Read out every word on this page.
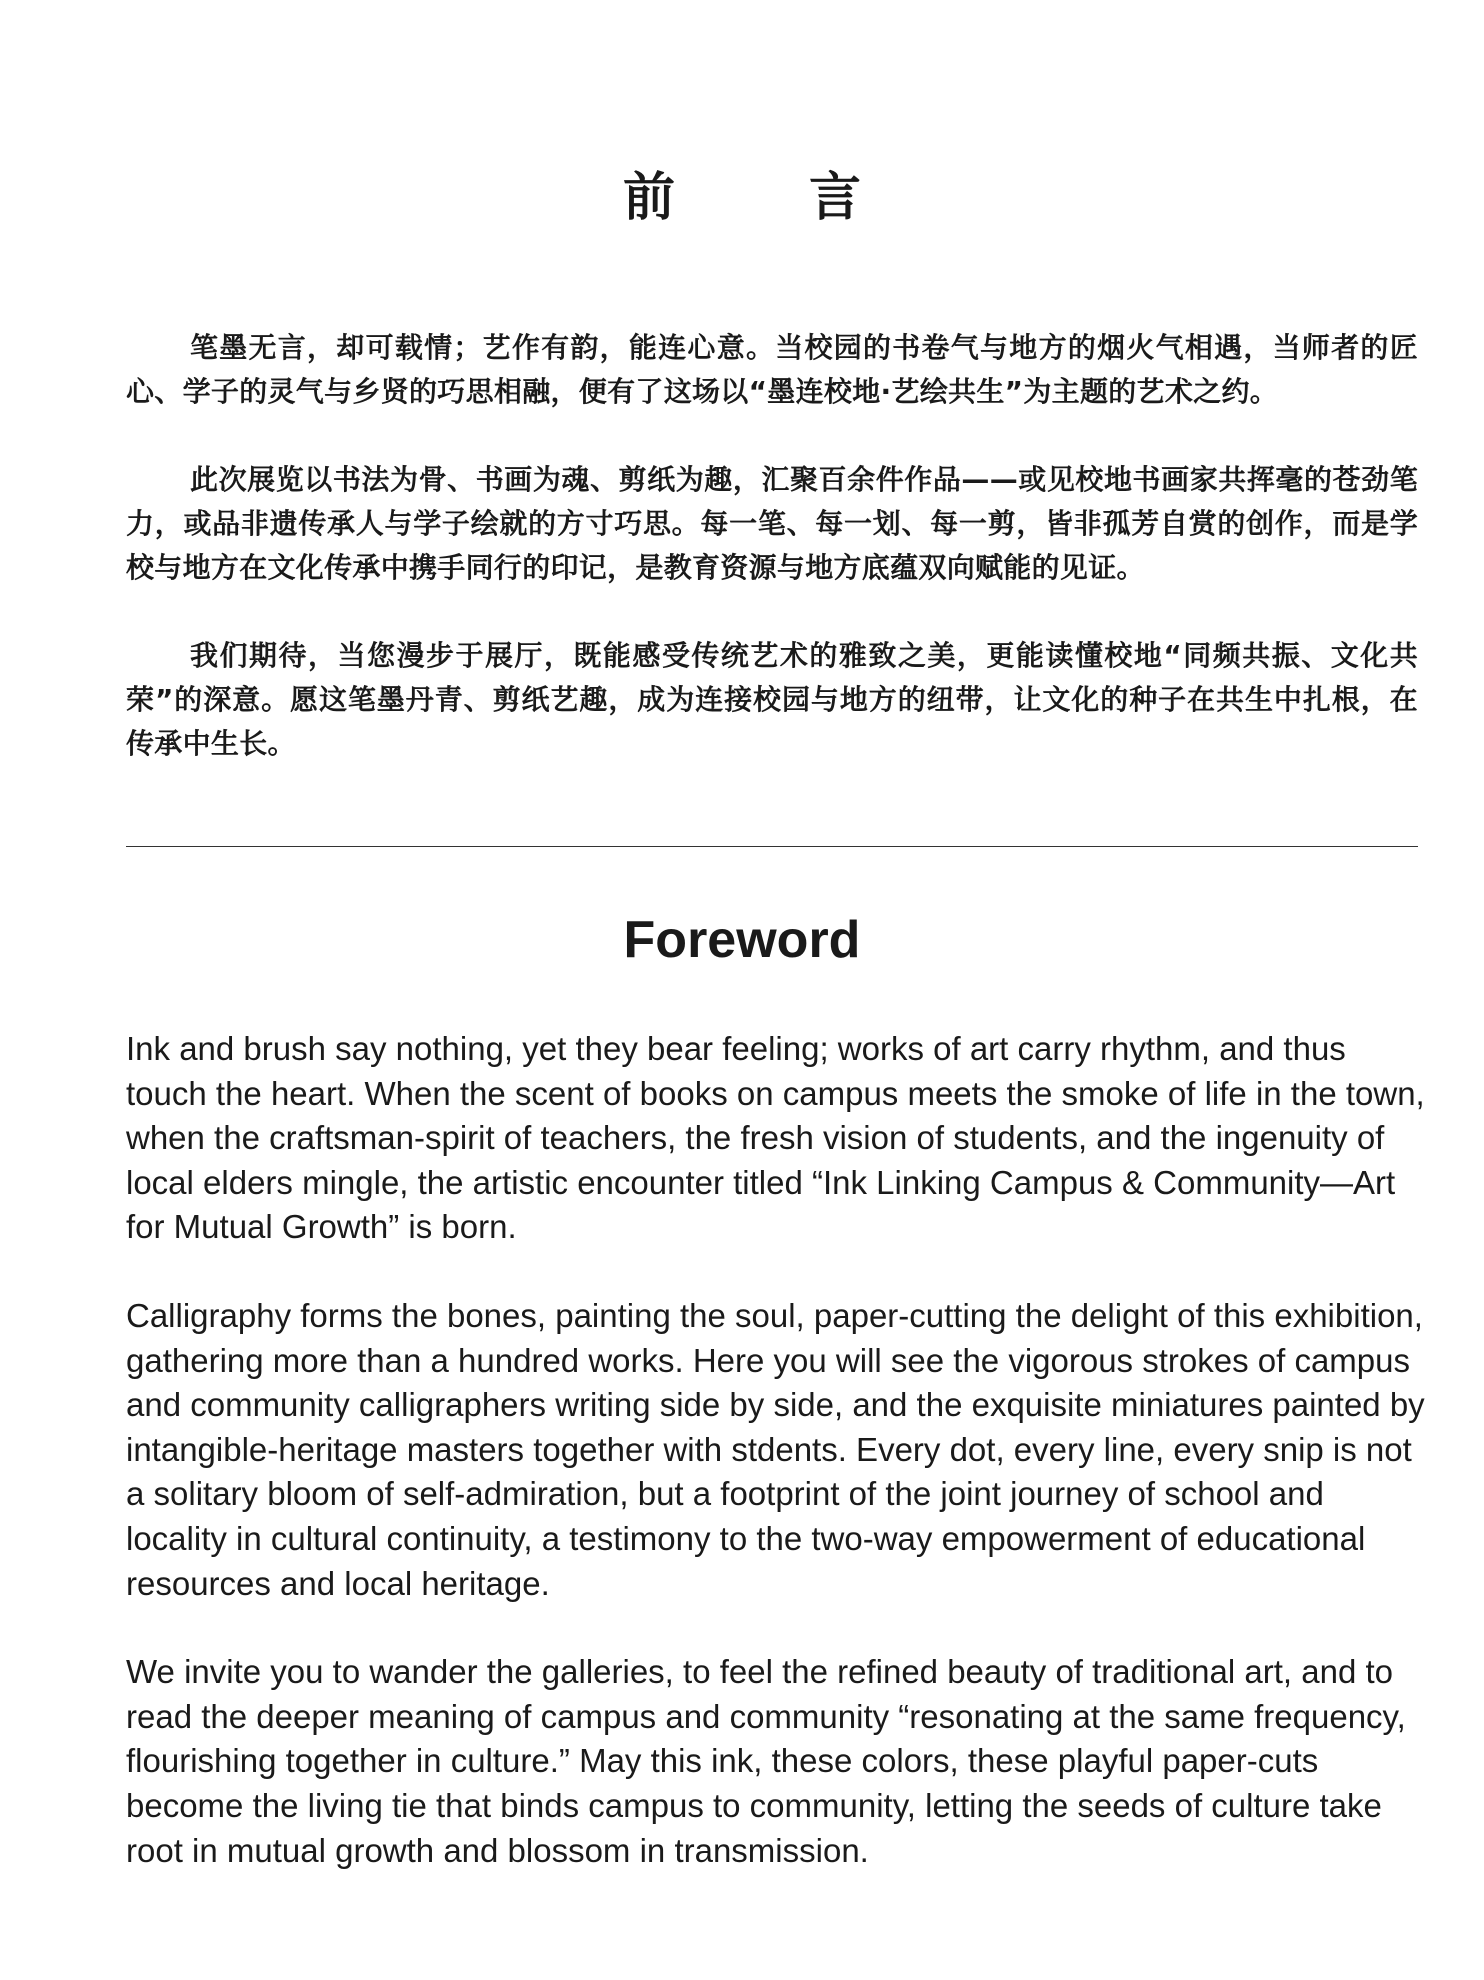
前 言

笔墨无言，却可载情；艺作有韵，能连心意。当校园的书卷气与地方的烟火气相遇，当师者的匠心、学子的灵气与乡贤的巧思相融，便有了这场以“墨连校地·艺绘共生”为主题的艺术之约。

此次展览以书法为骨、书画为魂、剪纸为趣，汇聚百余件作品——或见校地书画家共挥毫的苍劲笔力，或品非遗传承人与学子绘就的方寸巧思。每一笔、每一划、每一剪，皆非孤芳自赏的创作，而是学校与地方在文化传承中携手同行的印记，是教育资源与地方底蕴双向赋能的见证。

我们期待，当您漫步于展厅，既能感受传统艺术的雅致之美，更能读懂校地“同频共振、文化共荣”的深意。愿这笔墨丹青、剪纸艺趣，成为连接校园与地方的纽带，让文化的种子在共生中扎根，在传承中生长。

Foreword

Ink and brush say nothing, yet they bear feeling; works of art carry rhythm, and thus touch the heart. When the scent of books on campus meets the smoke of life in the town, when the craftsman-spirit of teachers, the fresh vision of students, and the ingenuity of local elders mingle, the artistic encounter titled “Ink Linking Campus & Community—Art for Mutual Growth” is born.

Calligraphy forms the bones, painting the soul, paper-cutting the delight of this exhibition, gathering more than a hundred works. Here you will see the vigorous strokes of campus and community calligraphers writing side by side, and the exquisite miniatures painted by intangible-heritage masters together with stdents. Every dot, every line, every snip is not a solitary bloom of self-admiration, but a footprint of the joint journey of school and locality in cultural continuity, a testimony to the two-way empowerment of educational resources and local heritage.

We invite you to wander the galleries, to feel the refined beauty of traditional art, and to read the deeper meaning of campus and community “resonating at the same frequency, flourishing together in culture.” May this ink, these colors, these playful paper-cuts become the living tie that binds campus to community, letting the seeds of culture take root in mutual growth and blossom in transmission.
